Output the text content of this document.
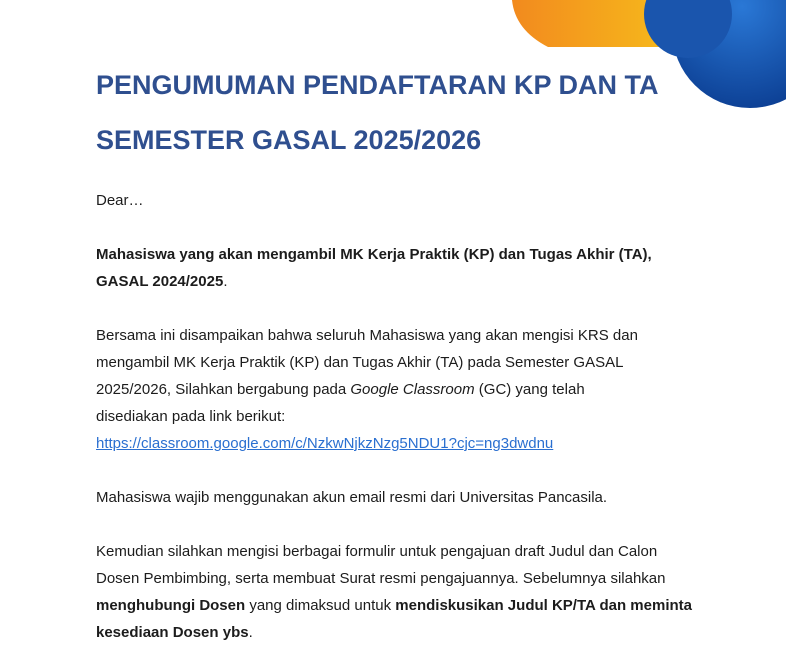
PENGUMUMAN PENDAFTARAN KP DAN TA
SEMESTER GASAL 2025/2026

Dear…

Mahasiswa yang akan mengambil MK Kerja Praktik (KP) dan Tugas Akhir (TA),
GASAL 2024/2025.

Bersama ini disampaikan bahwa seluruh Mahasiswa yang akan mengisi KRS dan
mengambil MK Kerja Praktik (KP) dan Tugas Akhir (TA) pada Semester GASAL
2025/2026, Silahkan bergabung pada Google Classroom (GC) yang telah
disediakan pada link berikut:
https://classroom.google.com/c/NzkwNjkzNzg5NDU1?cjc=ng3dwdnu

Mahasiswa wajib menggunakan akun email resmi dari Universitas Pancasila.

Kemudian silahkan mengisi berbagai formulir untuk pengajuan draft Judul dan Calon
Dosen Pembimbing, serta membuat Surat resmi pengajuannya. Sebelumnya silahkan
menghubungi Dosen yang dimaksud untuk mendiskusikan Judul KP/TA dan meminta
kesediaan Dosen ybs.
